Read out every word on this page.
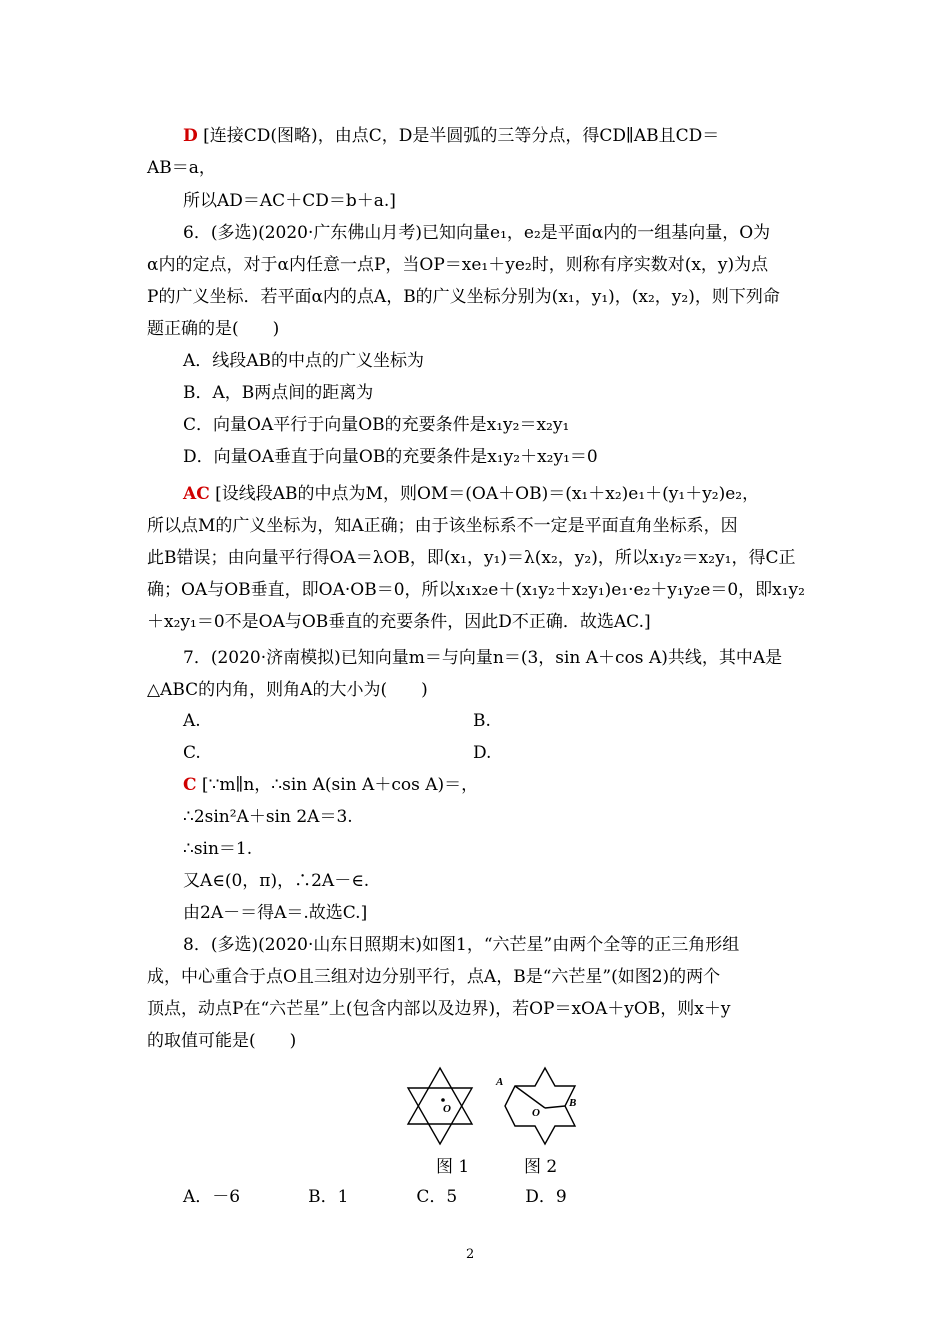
D [连接CD(图略)，由点C，D是半圆弧的三等分点，得CD∥AB且CD＝
AB＝a，
所以AD＝AC＋CD＝b＋a.]
6．(多选)(2020·广东佛山月考)已知向量e₁，e₂是平面α内的一组基向量，O为
α内的定点，对于α内任意一点P，当OP＝xe₁＋ye₂时，则称有序实数对(x，y)为点
P的广义坐标．若平面α内的点A，B的广义坐标分别为(x₁，y₁)，(x₂，y₂)，则下列命
题正确的是(　　)
A．线段AB的中点的广义坐标为
B．A，B两点间的距离为
C．向量OA平行于向量OB的充要条件是x₁y₂＝x₂y₁
D．向量OA垂直于向量OB的充要条件是x₁y₂＋x₂y₁＝0
AC [设线段AB的中点为M，则OM＝(OA＋OB)＝(x₁＋x₂)e₁＋(y₁＋y₂)e₂，
所以点M的广义坐标为，知A正确；由于该坐标系不一定是平面直角坐标系，因
此B错误；由向量平行得OA＝λOB，即(x₁，y₁)＝λ(x₂，y₂)，所以x₁y₂＝x₂y₁，得C正
确；OA与OB垂直，即OA·OB＝0，所以x₁x₂e＋(x₁y₂＋x₂y₁)e₁·e₂＋y₁y₂e＝0，即x₁y₂
＋x₂y₁＝0不是OA与OB垂直的充要条件，因此D不正确．故选AC.]
7．(2020·济南模拟)已知向量m＝与向量n＝(3，sin A＋cos A)共线，其中A是
△ABC的内角，则角A的大小为(　　)
A.	B.
C.	D.
C [∵m∥n，∴sin A(sin A＋cos A)＝，
∴2sin²A＋sin 2A＝3.
∴sin＝1.
又A∈(0，π)，∴2A－∈.
由2A－＝得A＝.故选C.]
8．(多选)(2020·山东日照期末)如图1，“六芒星”由两个全等的正三角形组
成，中心重合于点O且三组对边分别平行，点A，B是“六芒星”(如图2)的两个
顶点，动点P在“六芒星”上(包含内部以及边界)，若OP＝xOA＋yOB，则x＋y
的取值可能是(　　)
A．－6　　　　B．1　　　　C．5　　　　D．9
O
A
B
O
图 1	图 2
2
